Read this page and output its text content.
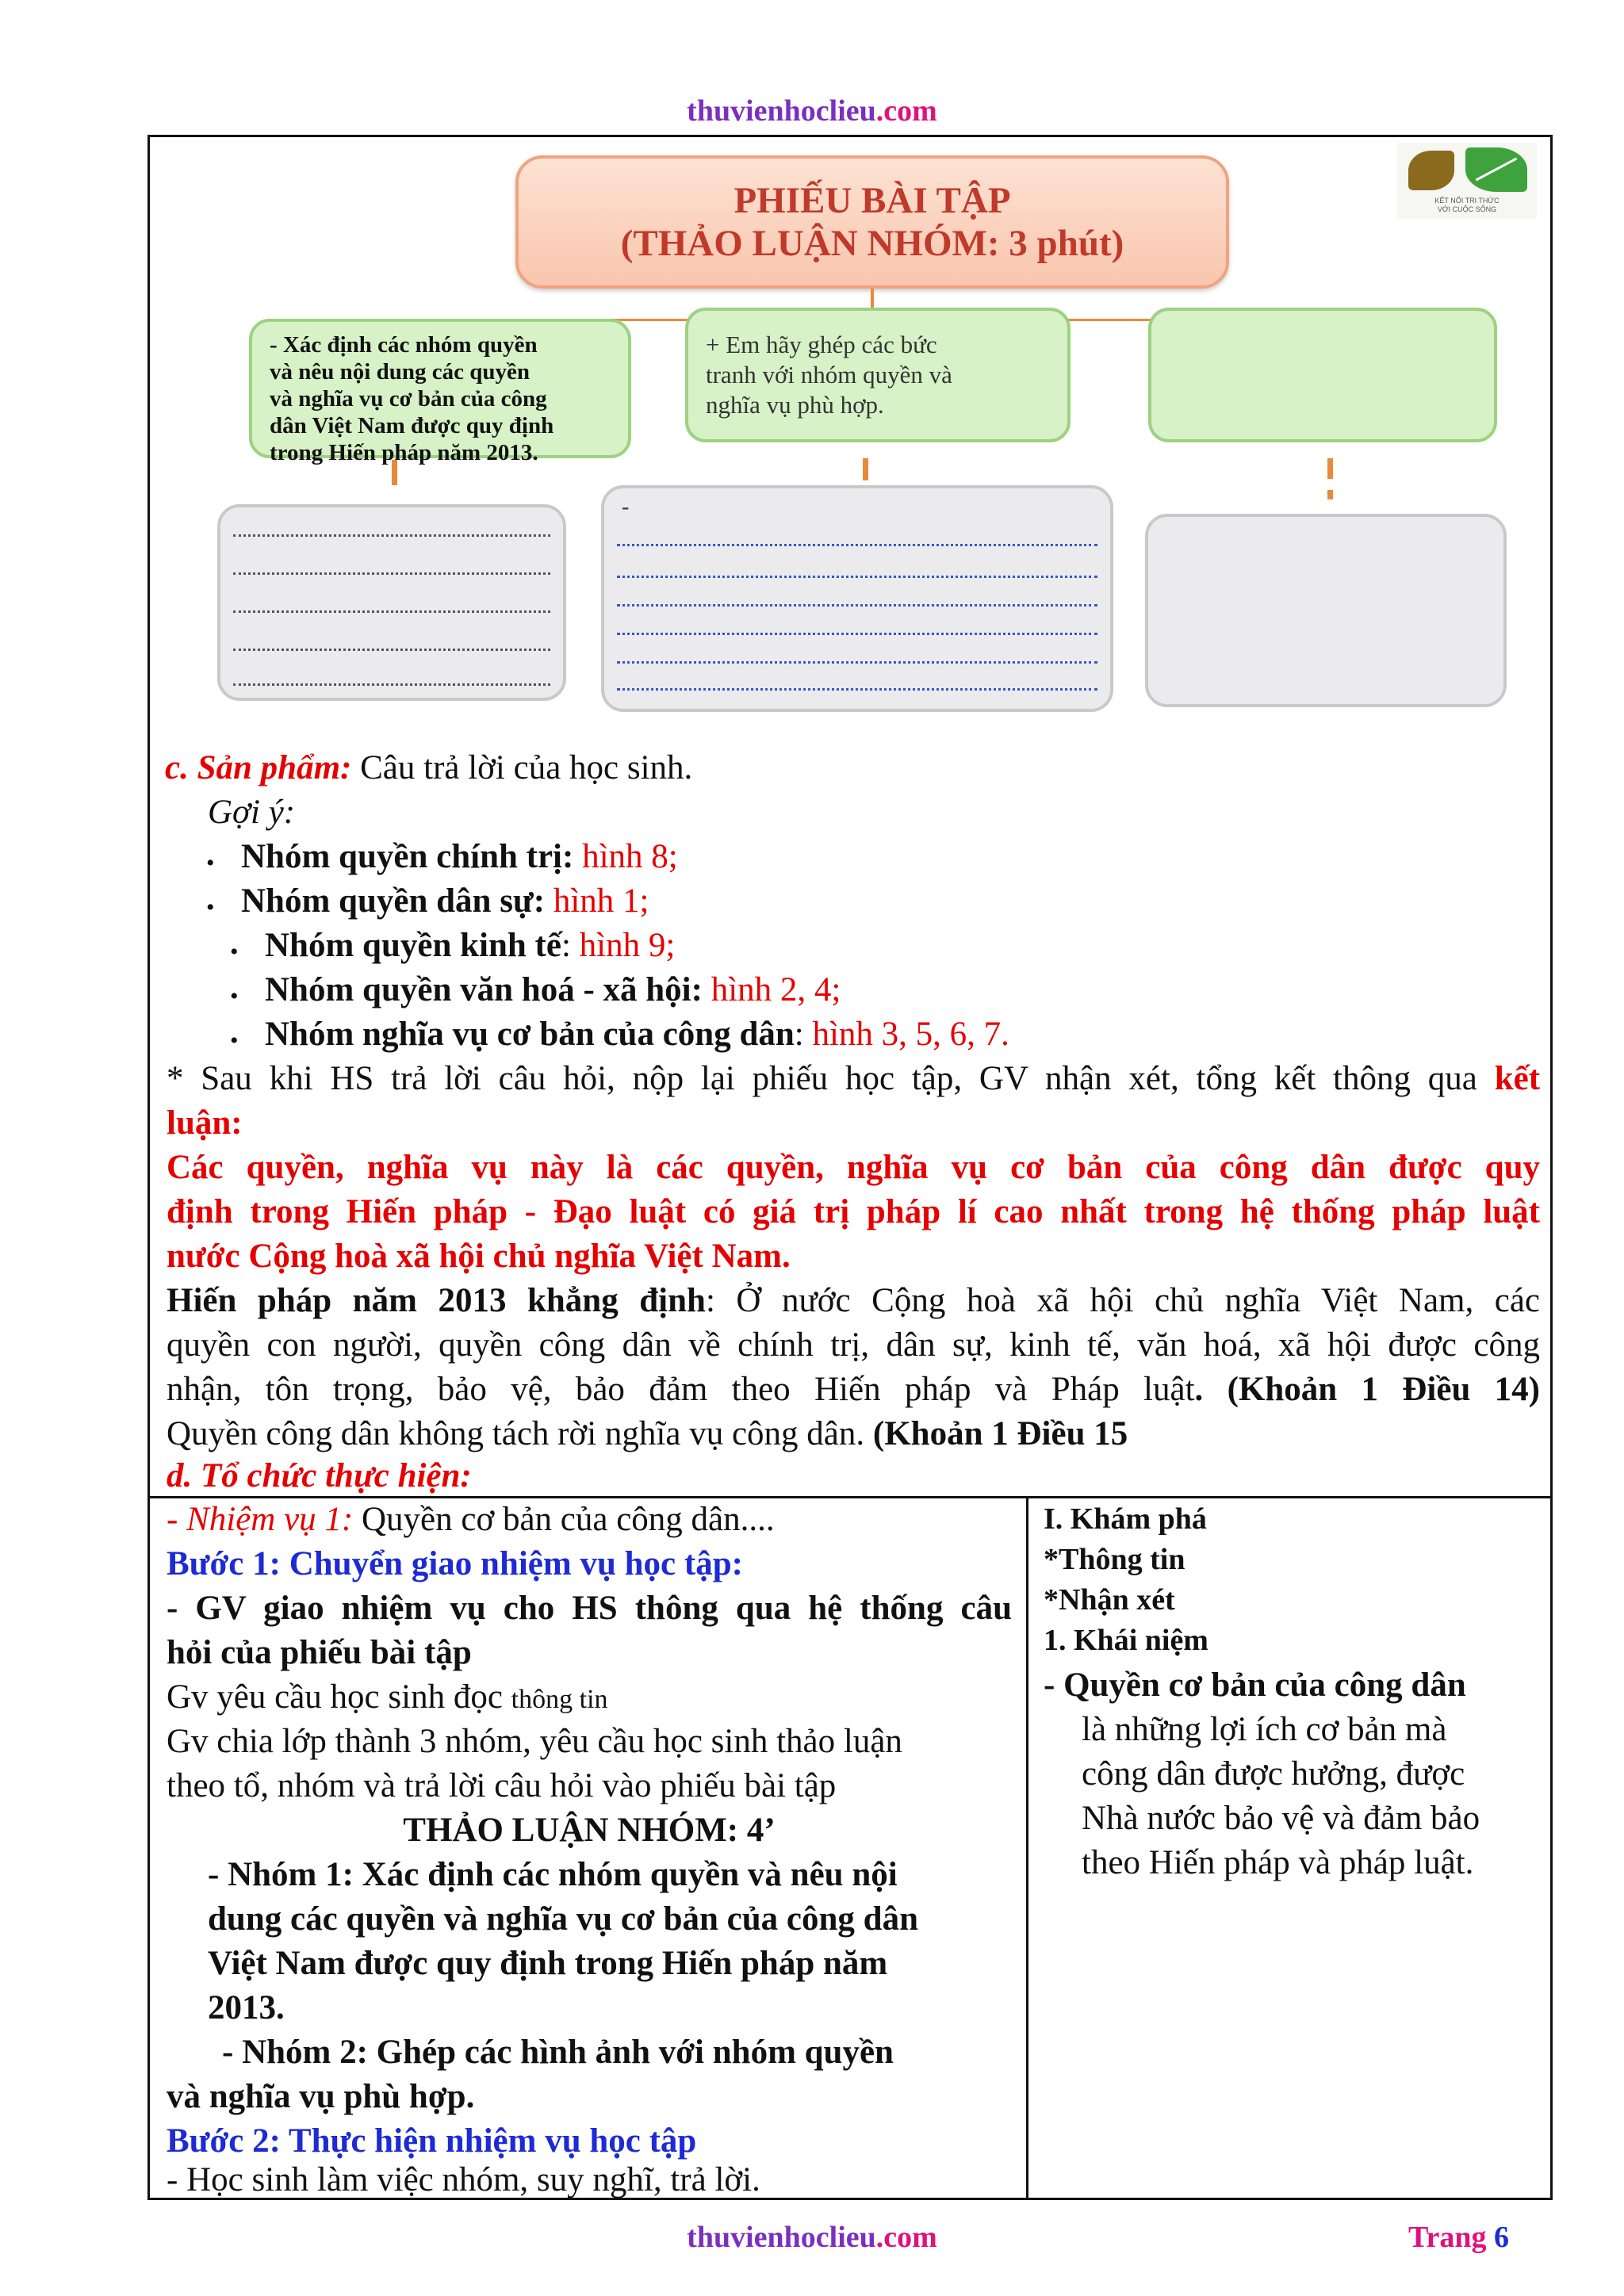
thuvienhoclieu.com
PHIẾU BÀI TẬP
(THẢO LUẬN NHÓM: 3 phút)
KẾT NỐI TRI THỨC
VỚI CUỘC SỐNG
- Xác định các nhóm quyền
và nêu nội dung các quyền
và nghĩa vụ cơ bản của công
dân Việt Nam được quy định
trong Hiến pháp năm 2013.
+ Em hãy ghép các bức
tranh với nhóm quyền và
nghĩa vụ phù hợp.
-

c. Sản phẩm: Câu trả lời của học sinh.

Gợi ý:

• Nhóm quyền chính trị: hình 8;

• Nhóm quyền dân sự: hình 1;

• Nhóm quyền kinh tế: hình 9;

• Nhóm quyền văn hoá - xã hội: hình 2, 4;

• Nhóm nghĩa vụ cơ bản của công dân: hình 3, 5, 6, 7.

* Sau khi HS trả lời câu hỏi, nộp lại phiếu học tập, GV nhận xét, tổng kết thông qua kết

luận:

Các quyền, nghĩa vụ này là các quyền, nghĩa vụ cơ bản của công dân được quy

định trong Hiến pháp - Đạo luật có giá trị pháp lí cao nhất trong hệ thống pháp luật

nước Cộng hoà xã hội chủ nghĩa Việt Nam.

Hiến pháp năm 2013 khẳng định: Ở nước Cộng hoà xã hội chủ nghĩa Việt Nam, các

quyền con người, quyền công dân về chính trị, dân sự, kinh tế, văn hoá, xã hội được công

nhận, tôn trọng, bảo vệ, bảo đảm theo Hiến pháp và Pháp luật. (Khoản 1 Điều 14)

Quyền công dân không tách rời nghĩa vụ công dân. (Khoản 1 Điều 15

d. Tổ chức thực hiện:

- Nhiệm vụ 1: Quyền cơ bản của công dân....

Bước 1: Chuyển giao nhiệm vụ học tập:

- GV giao nhiệm vụ cho HS thông qua hệ thống câu

hỏi của phiếu bài tập

Gv yêu cầu học sinh đọc thông tin

Gv chia lớp thành 3 nhóm, yêu cầu học sinh thảo luận

theo tổ, nhóm và trả lời câu hỏi vào phiếu bài tập

THẢO LUẬN NHÓM: 4’

- Nhóm 1: Xác định các nhóm quyền và nêu nội

dung các quyền và nghĩa vụ cơ bản của công dân

Việt Nam được quy định trong Hiến pháp năm

2013.

- Nhóm 2: Ghép các hình ảnh với nhóm quyền

và nghĩa vụ phù hợp.

Bước 2: Thực hiện nhiệm vụ học tập

- Học sinh làm việc nhóm, suy nghĩ, trả lời.

I. Khám phá

*Thông tin

*Nhận xét

1. Khái niệm

- Quyền cơ bản của công dân

là những lợi ích cơ bản mà

công dân được hưởng, được

Nhà nước bảo vệ và đảm bảo

theo Hiến pháp và pháp luật.

thuvienhoclieu.com	Trang 6
